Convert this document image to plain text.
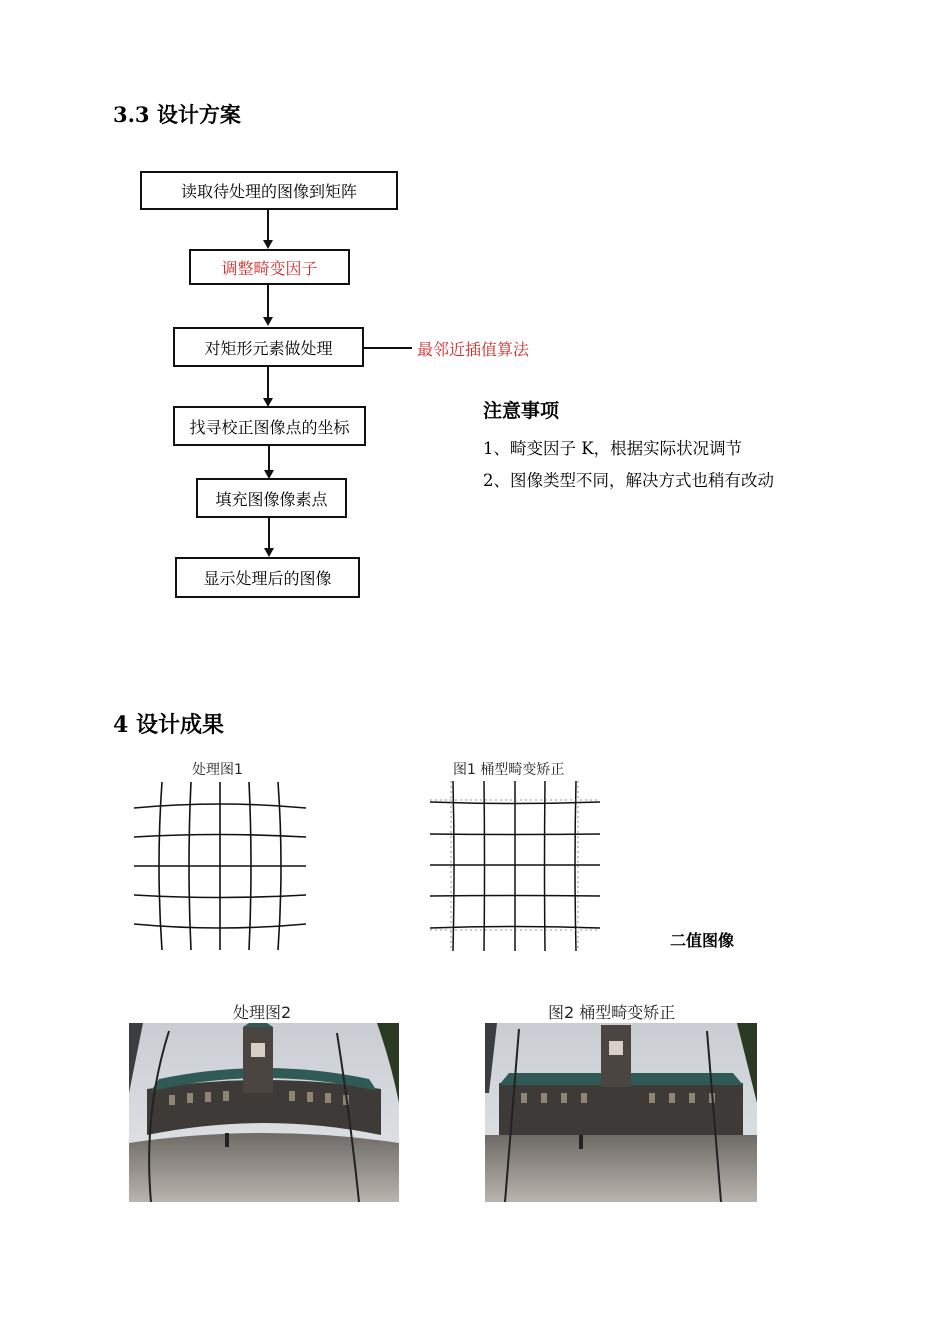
3.3 设计方案
读取待处理的图像到矩阵
调整畸变因子
对矩形元素做处理	最邻近插值算法
找寻校正图像点的坐标
填充图像像素点
显示处理后的图像
注意事项
1、畸变因子 K，根据实际状况调节
2、图像类型不同，解决方式也稍有改动
4 设计成果
处理图1	图1 桶型畸变矫正
二值图像
处理图2	图2 桶型畸变矫正
